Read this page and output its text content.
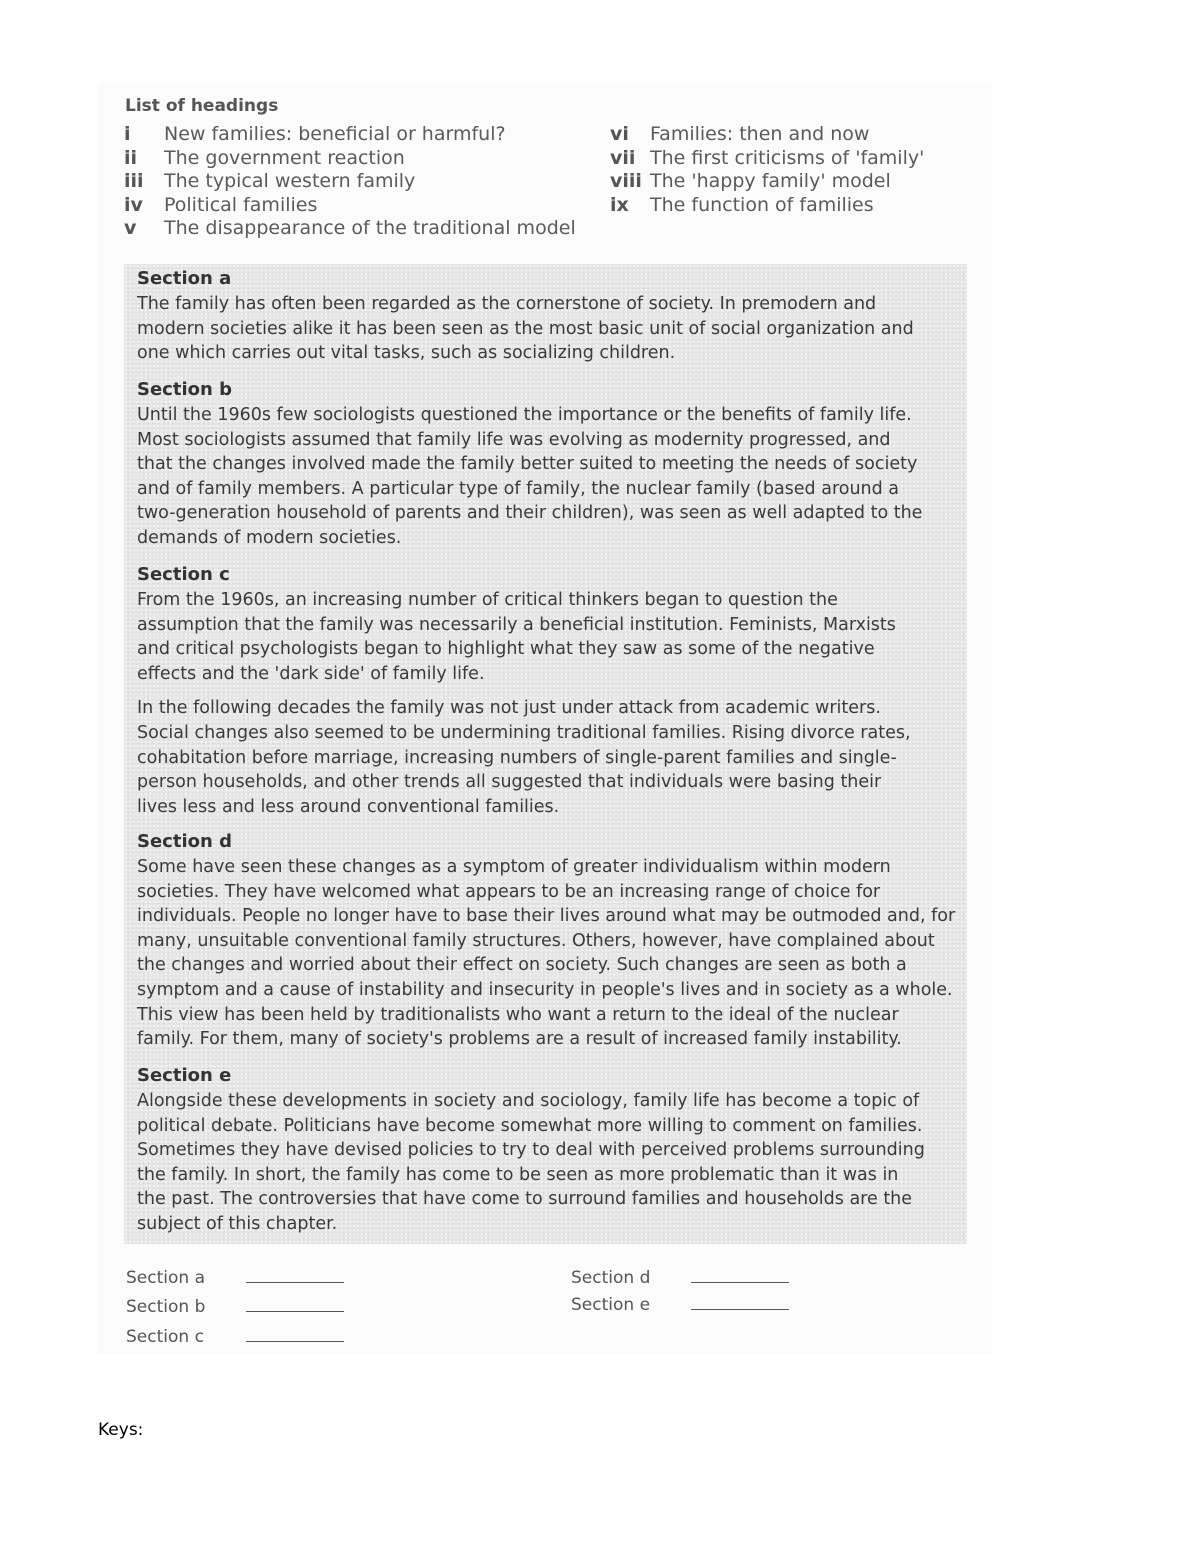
List of headings
i	New families: beneficial or harmful?
ii	The government reaction
iii	The typical western family
iv	Political families
v	The disappearance of the traditional model
vi	Families: then and now
vii The first criticisms of 'family'
viii The 'happy family' model
ix	The function of families
Section a
The family has often been regarded as the cornerstone of society. In premodern and
modern societies alike it has been seen as the most basic unit of social organization and
one which carries out vital tasks, such as socializing children.
Section b
Until the 1960s few sociologists questioned the importance or the benefits of family life.
Most sociologists assumed that family life was evolving as modernity progressed, and
that the changes involved made the family better suited to meeting the needs of society
and of family members. A particular type of family, the nuclear family (based around a
two-generation household of parents and their children), was seen as well adapted to the
demands of modern societies.
Section c
From the 1960s, an increasing number of critical thinkers began to question the
assumption that the family was necessarily a beneficial institution. Feminists, Marxists
and critical psychologists began to highlight what they saw as some of the negative
effects and the 'dark side' of family life.
In the following decades the family was not just under attack from academic writers.
Social changes also seemed to be undermining traditional families. Rising divorce rates,
cohabitation before marriage, increasing numbers of single-parent families and single-
person households, and other trends all suggested that individuals were basing their
lives less and less around conventional families.
Section d
Some have seen these changes as a symptom of greater individualism within modern
societies. They have welcomed what appears to be an increasing range of choice for
individuals. People no longer have to base their lives around what may be outmoded and, for
many, unsuitable conventional family structures. Others, however, have complained about
the changes and worried about their effect on society. Such changes are seen as both a
symptom and a cause of instability and insecurity in people's lives and in society as a whole.
This view has been held by traditionalists who want a return to the ideal of the nuclear
family. For them, many of society's problems are a result of increased family instability.
Section e
Alongside these developments in society and sociology, family life has become a topic of
political debate. Politicians have become somewhat more willing to comment on families.
Sometimes they have devised policies to try to deal with perceived problems surrounding
the family. In short, the family has come to be seen as more problematic than it was in
the past. The controversies that have come to surround families and households are the
subject of this chapter.
Section a
Section b
Section c
Section d
Section e
Keys:
